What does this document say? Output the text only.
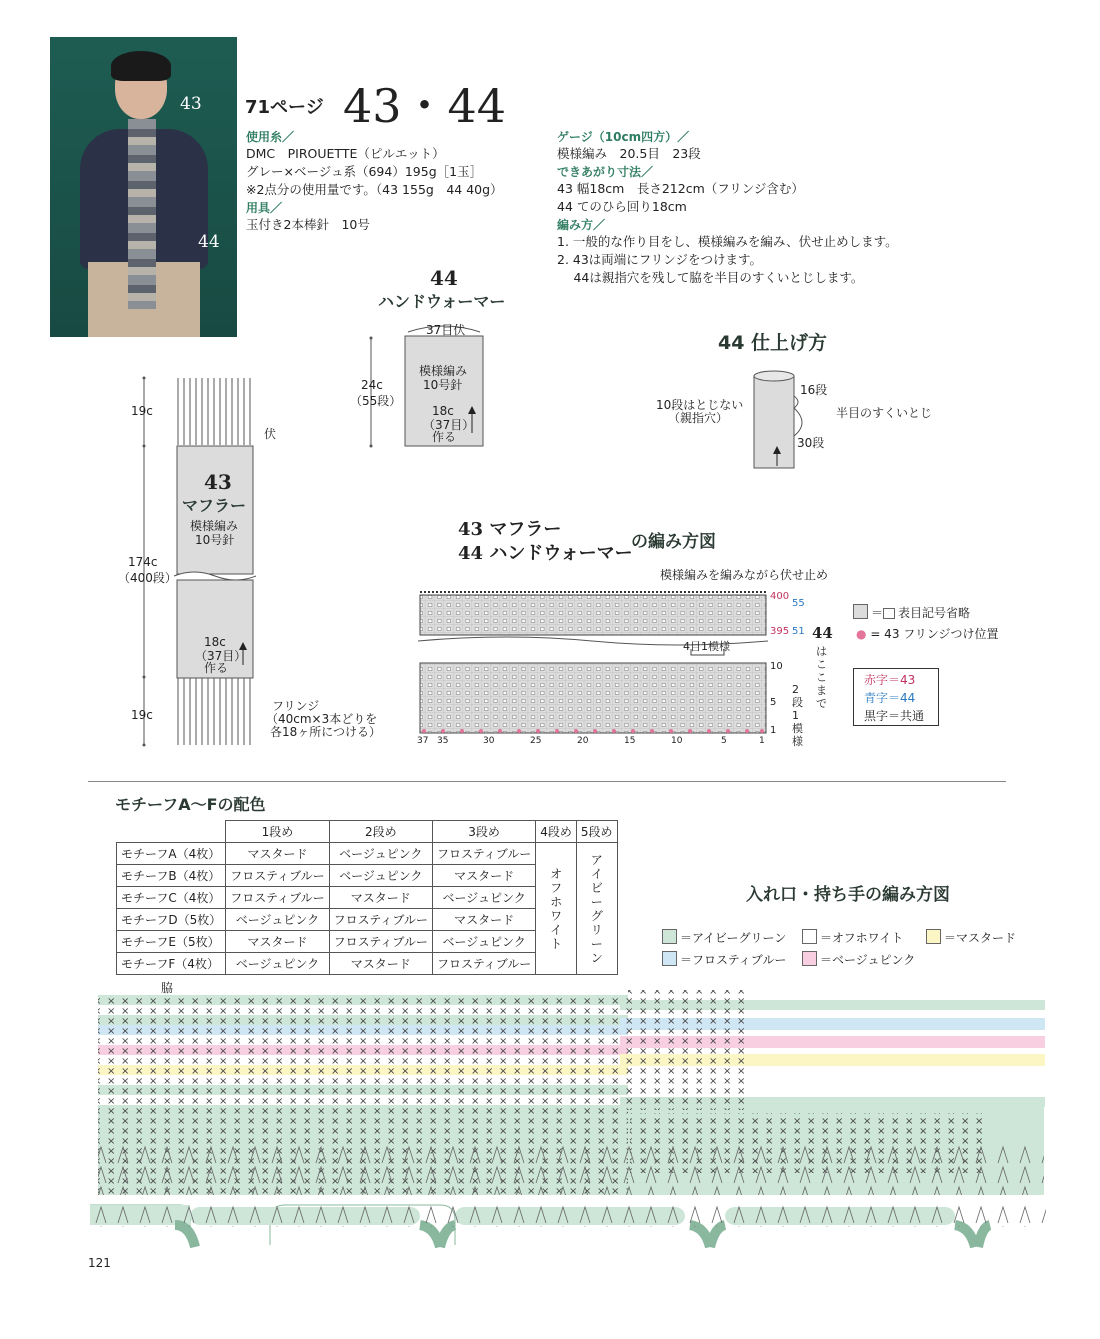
43
44
71ページ 43・44
使用糸／
DMC　PIROUETTE（ピルエット）
グレー×ベージュ系（694）195g［1玉］
※2点分の使用量です。（43 155g　44 40g）
用具／
玉付き2本棒針　10号
ゲージ（10cm四方）／
模様編み　20.5目　23段
できあがり寸法／
43 幅18cm　長さ212cm（フリンジ含む）
44 てのひら回り18cm
編み方／
1. 一般的な作り目をし、模様編みを編み、伏せ止めします。
2. 43は両端にフリンジをつけます。
　 44は親指穴を残して脇を半目のすくいとじします。
44
ハンドウォーマー
37目伏
模様編み
10号針
24c
（55段）
18c
（37目）
作る
44 仕上げ方
10段はとじない
（親指穴）
16段
30段
半目のすくいとじ
19c
伏
43
マフラー
模様編み
10号針
174c
（400段）
18c
（37目）
作る
19c
フリンジ
（40cm×3本どりを
各18ヶ所につける）
43 マフラー
44 ハンドウォーマー
の編み方図
模様編みを編みながら伏せ止め
400
55
395 51
10
5
1
4目1模様
44
はここまで
2段1模様
37 35	30	25	20	15	10	5	1
＝ 表目記号省略
● = 43 フリンジつけ位置
赤字＝43
青字＝44
黒字＝共通
モチーフA〜Fの配色
	1段め	2段め	3段め	4段め	5段め
モチーフA（4枚）	マスタード	ベージュピンク	フロスティブルー	オフホワイト	アイビーグリーン

モチーフB（4枚）	フロスティブルー	ベージュピンク	マスタード		
モチーフC（4枚）	フロスティブルー	マスタード	ベージュピンク		
モチーフD（5枚）	ベージュピンク	フロスティブルー	マスタード		
モチーフE（5枚）	マスタード	フロスティブルー	ベージュピンク		
モチーフF（4枚）	ベージュピンク	マスタード	フロスティブルー		
入れ口・持ち手の編み方図
＝アイビーグリーン	＝オフホワイト	＝マスタード
＝フロスティブルー	＝ベージュピンク
脇
121
